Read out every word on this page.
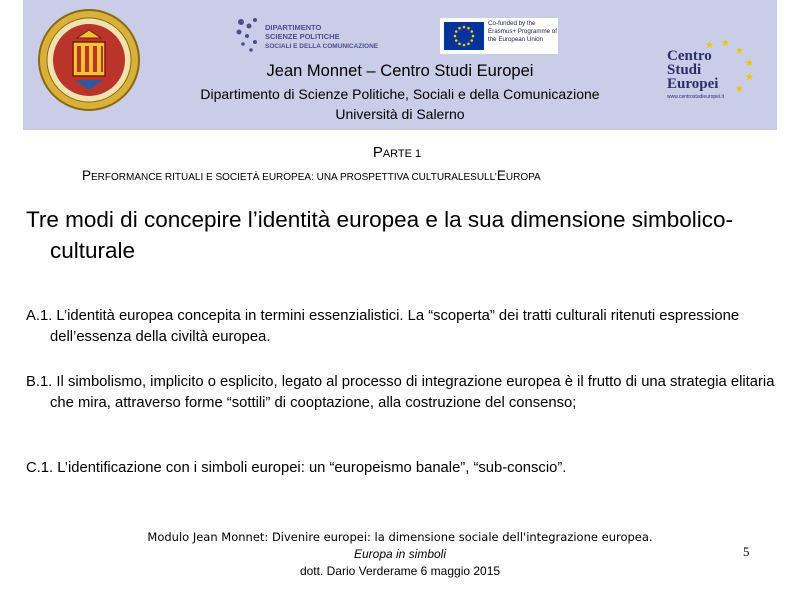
DIPARTIMENTO
SCIENZE POLITICHE
SOCIALI E DELLA COMUNICAZIONE
Co-funded by the Erasmus+ Programme of the European Union
★ ★
★
★
★
★
Centro
Studi
Europei
www.centrostudieuropei.it
Jean Monnet – Centro Studi Europei
Dipartimento di Scienze Politiche, Sociali e della Comunicazione
Università di Salerno
PARTE 1
PERFORMANCE RITUALI E SOCIETÀ EUROPEA: UNA PROSPETTIVA CULTURALESULL’EUROPA
Tre modi di concepire l’identità europea e la sua dimensione simbolico-culturale

A.1. L’identità europea concepita in termini essenzialistici. La “scoperta” dei tratti culturali ritenuti espressione dell’essenza della civiltà europea.

B.1. Il simbolismo, implicito o esplicito, legato al processo di integrazione europea è il frutto di una strategia elitaria che mira, attraverso forme “sottili” di cooptazione, alla costruzione del consenso;

C.1. L’identificazione con i simboli europei: un “europeismo banale”, “sub-conscio”.

Modulo Jean Monnet: Divenire europei: la dimensione sociale dell'integrazione europea.
Europa in simboli
dott. Dario Verderame 6 maggio 2015
5
